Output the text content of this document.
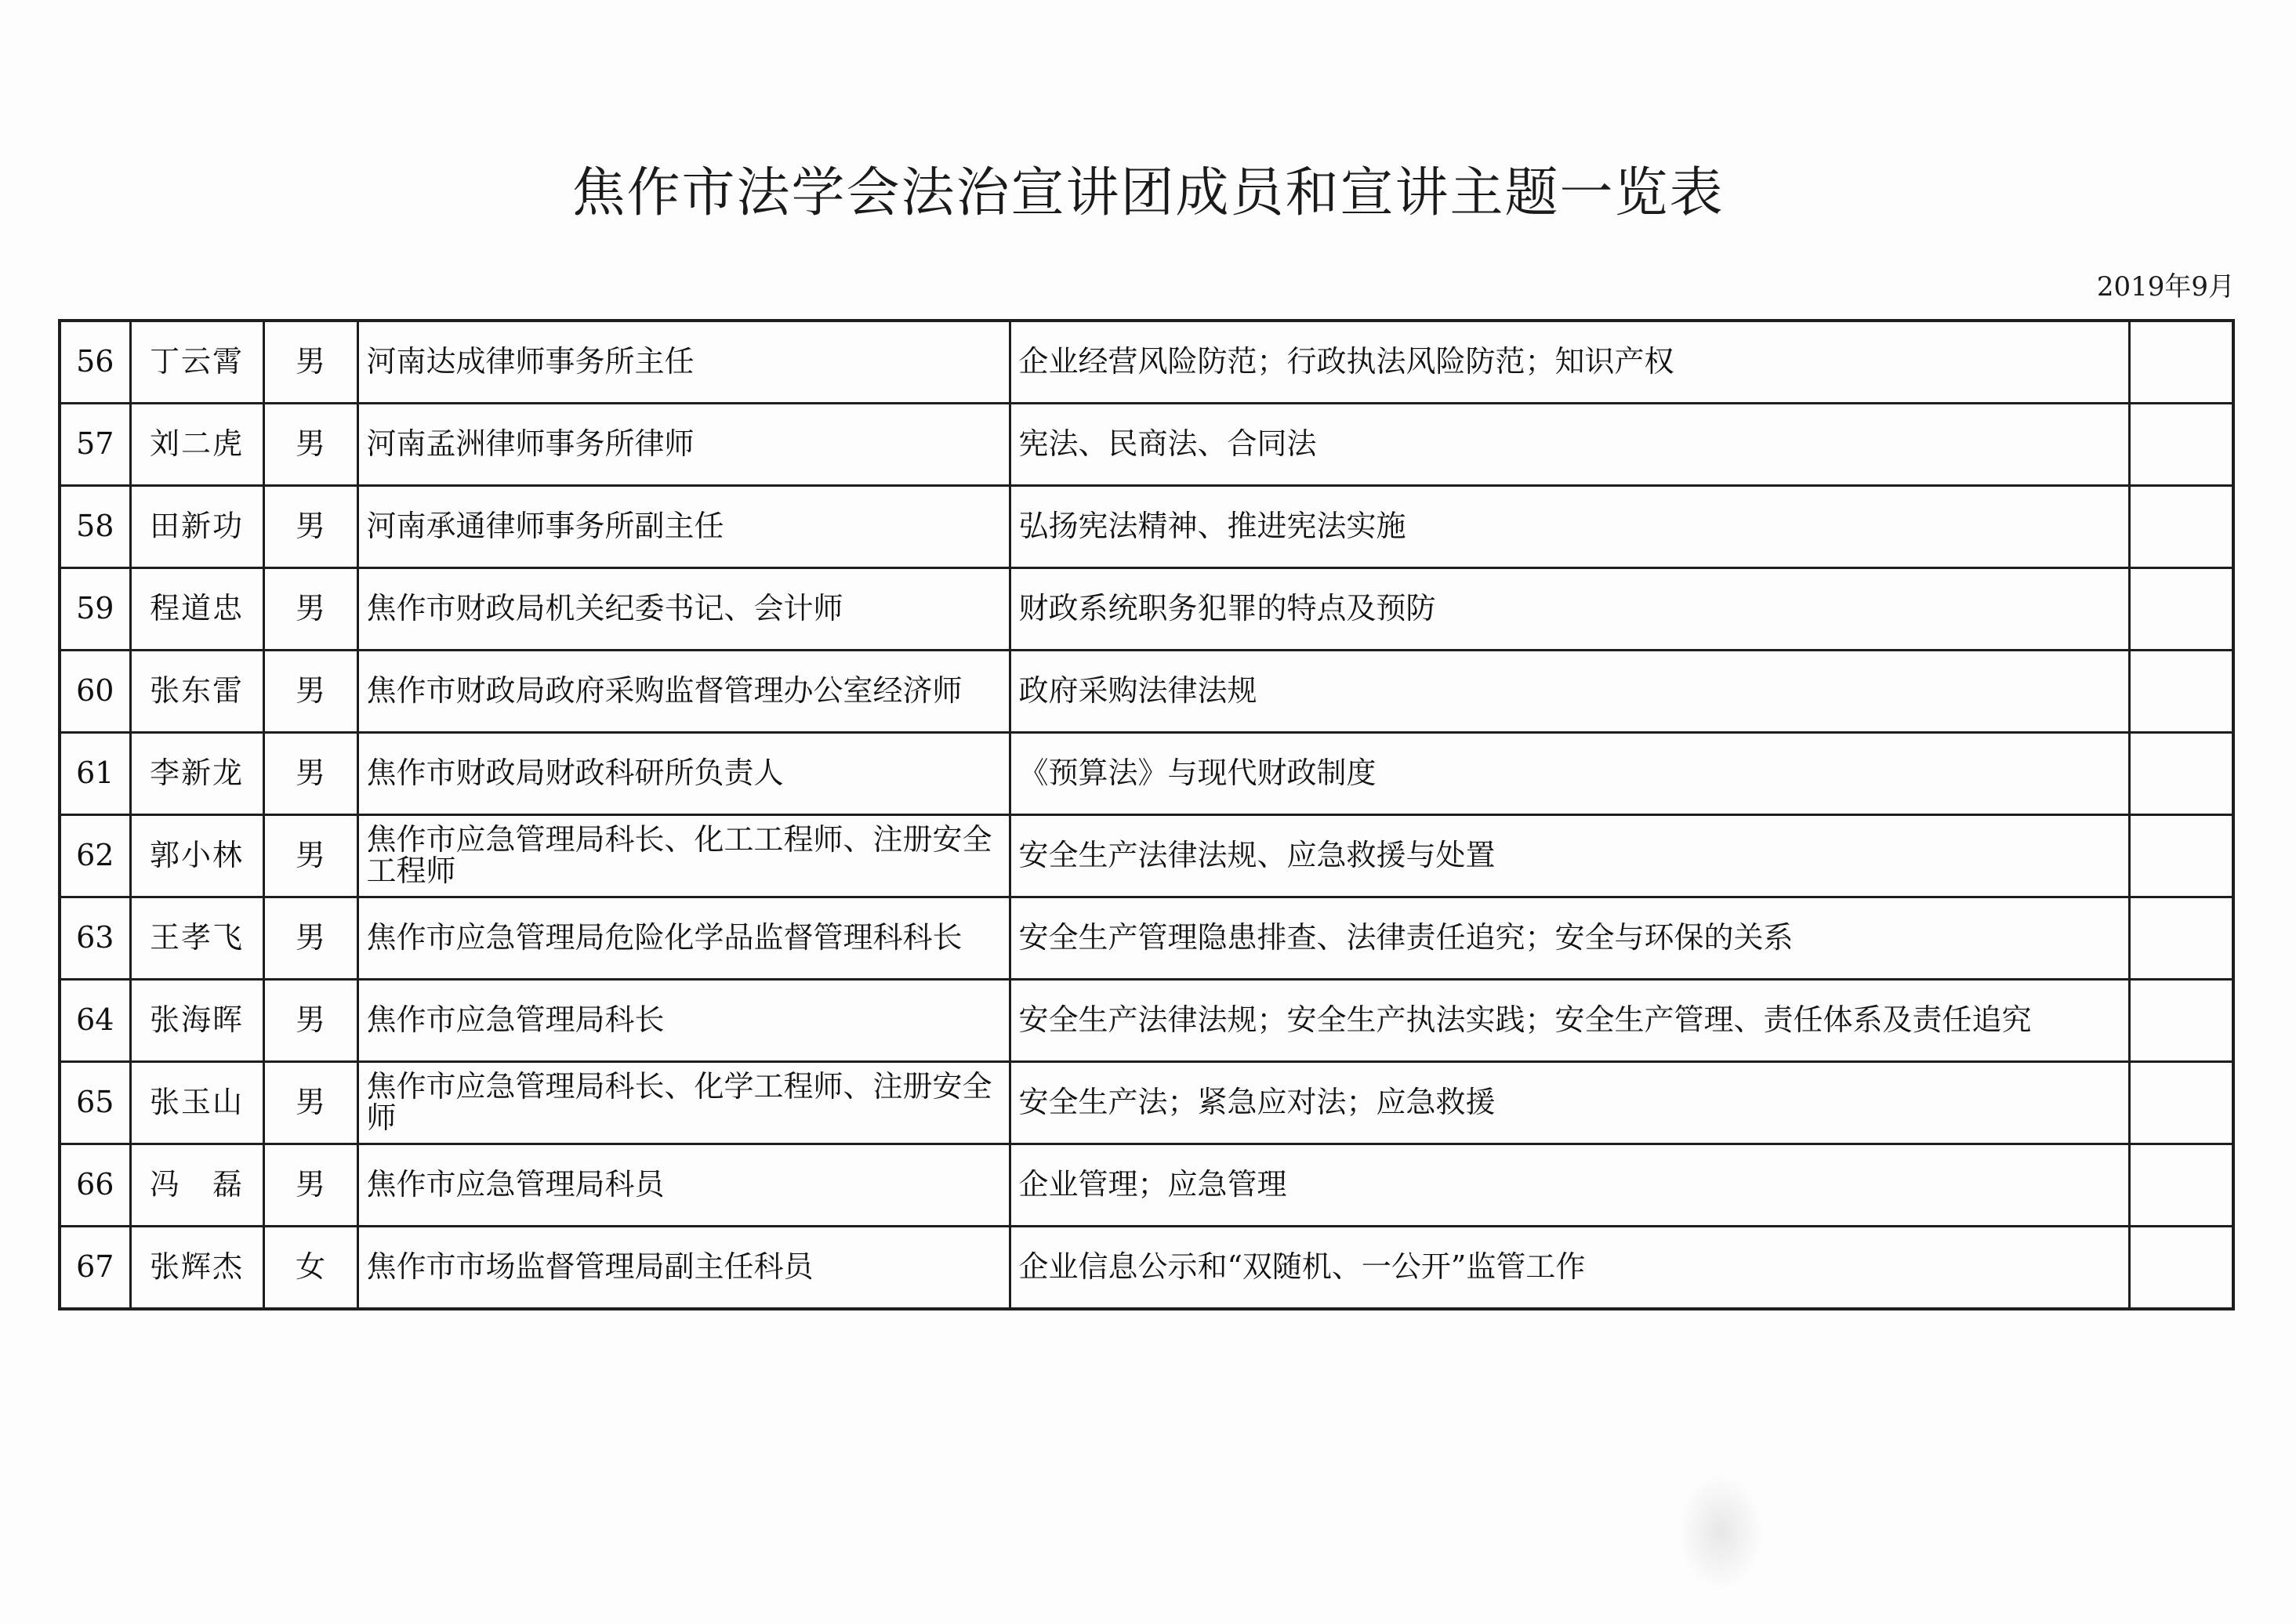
焦作市法学会法治宣讲团成员和宣讲主题一览表
2019年9月
56	丁云霄	男	河南达成律师事务所主任	企业经营风险防范；行政执法风险防范；知识产权	
57	刘二虎	男	河南孟洲律师事务所律师	宪法、民商法、合同法	
58	田新功	男	河南承通律师事务所副主任	弘扬宪法精神、推进宪法实施	
59	程道忠	男	焦作市财政局机关纪委书记、会计师	财政系统职务犯罪的特点及预防	
60	张东雷	男	焦作市财政局政府采购监督管理办公室经济师	政府采购法律法规	
61	李新龙	男	焦作市财政局财政科研所负责人	《预算法》与现代财政制度	
62	郭小林	男	焦作市应急管理局科长、化工工程师、注册安全工程师	安全生产法律法规、应急救援与处置	
63	王孝飞	男	焦作市应急管理局危险化学品监督管理科科长	安全生产管理隐患排查、法律责任追究；安全与环保的关系	
64	张海晖	男	焦作市应急管理局科长	安全生产法律法规；安全生产执法实践；安全生产管理、责任体系及责任追究	
65	张玉山	男	焦作市应急管理局科长、化学工程师、注册安全师	安全生产法；紧急应对法；应急救援	
66	冯　磊	男	焦作市应急管理局科员	企业管理；应急管理	
67	张辉杰	女	焦作市市场监督管理局副主任科员	企业信息公示和“双随机、一公开”监管工作	
